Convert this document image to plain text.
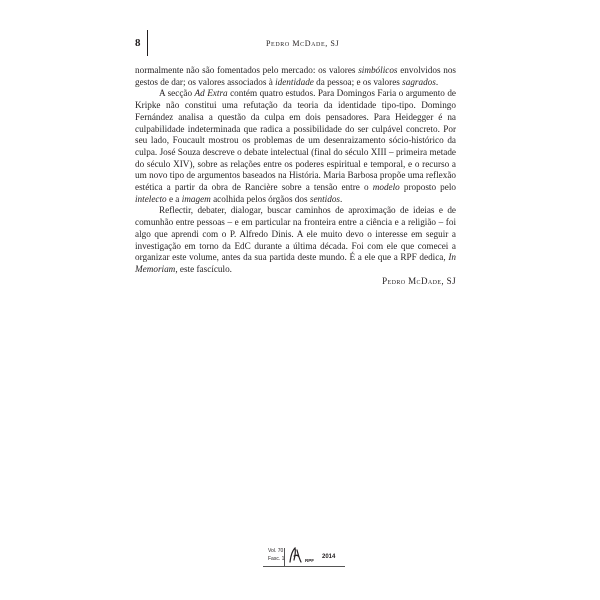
8	Pedro McDade, SJ

normalmente não são fomentados pelo mercado: os valores simbólicos envolvidos nos gestos de dar; os valores associados à identidade da pessoa; e os valores sagrados.

A secção Ad Extra contém quatro estudos. Para Domingos Faria o argumento de Kripke não constitui uma refutação da teoria da identidade tipo-tipo. Domingo Fernández analisa a questão da culpa em dois pensadores. Para Heidegger é na culpabilidade indeterminada que radica a possibilidade do ser culpável concreto. Por seu lado, Foucault mostrou os problemas de um desenraizamento sócio-histórico da culpa. José Souza descreve o debate intelectual (final do século XIII – primeira metade do século XIV), sobre as relações entre os poderes espiritual e temporal, e o recurso a um novo tipo de argumentos baseados na História. Maria Barbosa propõe uma reflexão estética a partir da obra de Rancière sobre a tensão entre o modelo proposto pelo intelecto e a imagem acolhida pelos órgãos dos sentidos.

Reflectir, debater, dialogar, buscar caminhos de aproximação de ideias e de comunhão entre pessoas – e em particular na fronteira entre a ciência e a religião – foi algo que aprendi com o P. Alfredo Dinis. A ele muito devo o interesse em seguir a investigação em torno da EdC durante a última década. Foi com ele que comecei a organizar este volume, antes da sua partida deste mundo. É a ele que a RPF dedica, In Memoriam, este fascículo.

Pedro McDade, SJ

Vol. 70
Fasc. 1	RPF
2014
